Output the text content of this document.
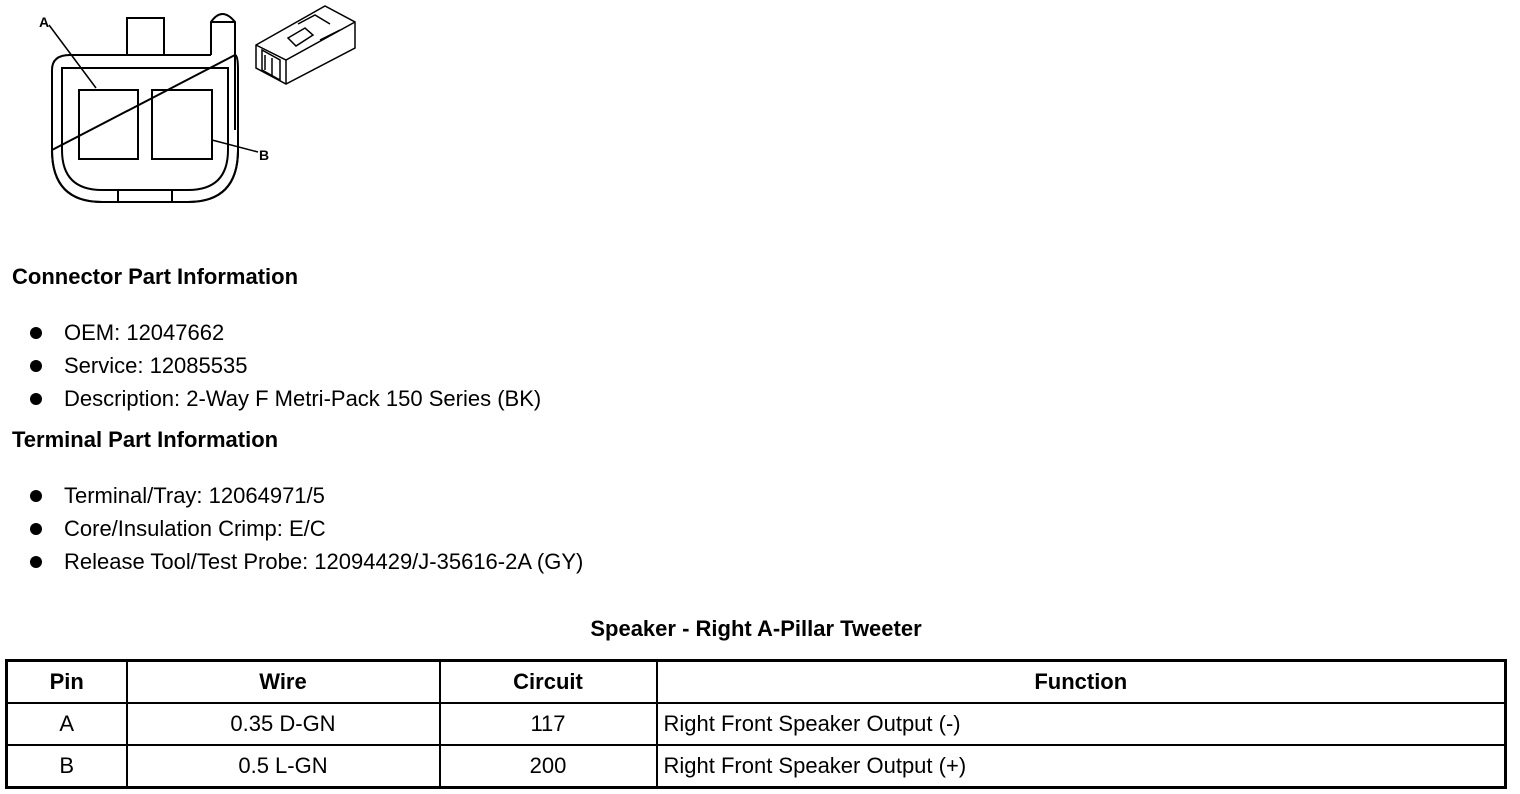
A
B
Connector Part Information
OEM: 12047662
Service: 12085535
Description: 2-Way F Metri-Pack 150 Series (BK)
Terminal Part Information
Terminal/Tray: 12064971/5
Core/Insulation Crimp: E/C
Release Tool/Test Probe: 12094429/J-35616-2A (GY)
Speaker - Right A-Pillar Tweeter
Pin	Wire	Circuit	Function
A	0.35 D-GN	117	Right Front Speaker Output (-)
B	0.5 L-GN	200	Right Front Speaker Output (+)
